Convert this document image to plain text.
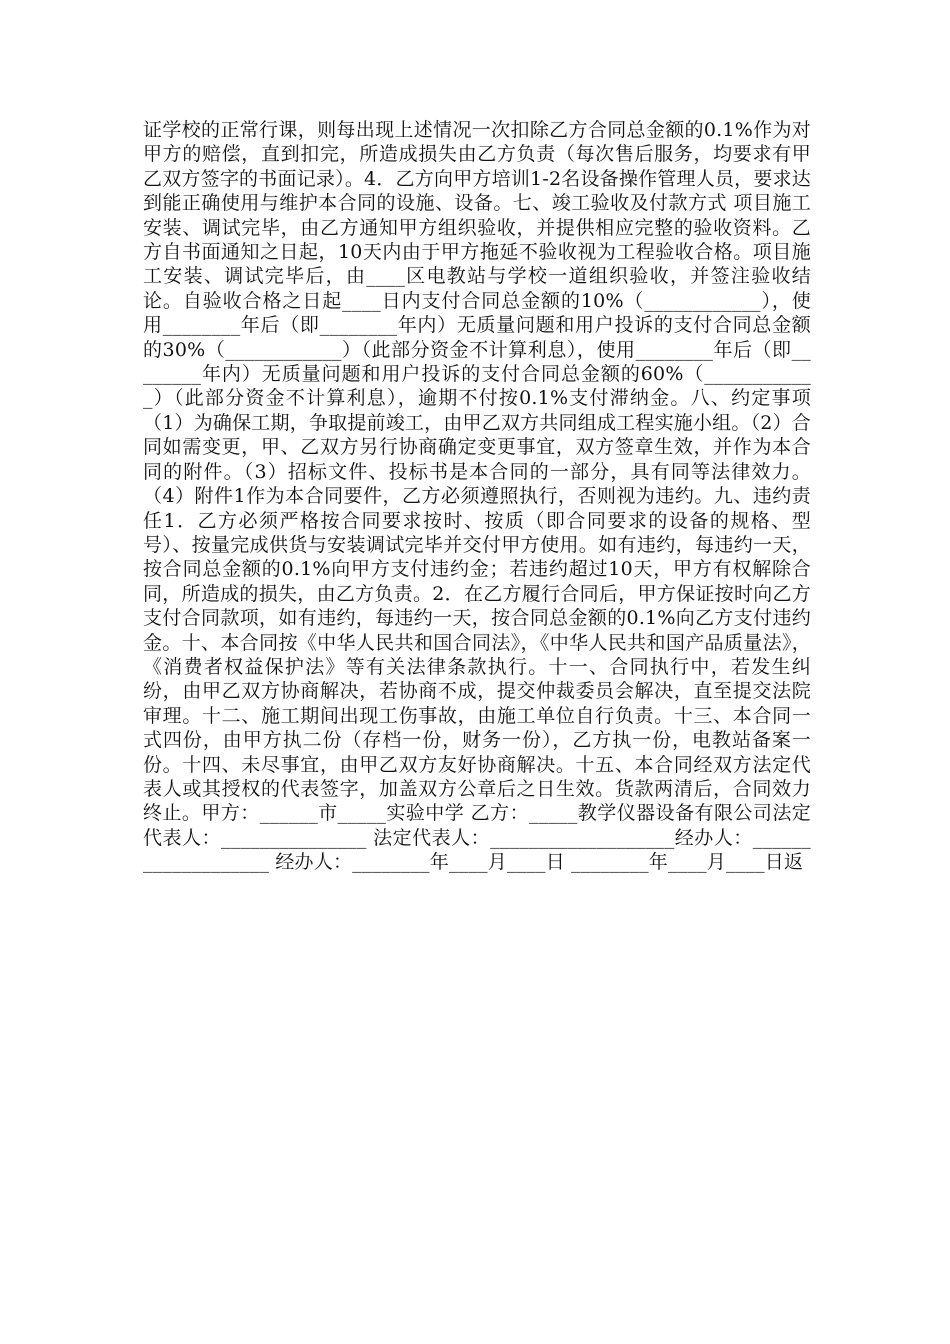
证学校的正常行课，则每出现上述情况一次扣除乙方合同总金额的0.1%作为对甲方的赔偿，直到扣完，所造成损失由乙方负责（每次售后服务，均要求有甲乙双方签字的书面记录）。4．乙方向甲方培训1-2名设备操作管理人员，要求达到能正确使用与维护本合同的设施、设备。七、竣工验收及付款方式 项目施工安装、调试完毕，由乙方通知甲方组织验收，并提供相应完整的验收资料。乙方自书面通知之日起，10天内由于甲方拖延不验收视为工程验收合格。项目施工安装、调试完毕后，由____区电教站与学校一道组织验收，并签注验收结论。自验收合格之日起____日内支付合同总金额的10%（____________），使用________年后（即________年内）无质量问题和用户投诉的支付合同总金额的30%（____________）（此部分资金不计算利息），使用________年后（即________年内）无质量问题和用户投诉的支付合同总金额的60%（____________）（此部分资金不计算利息），逾期不付按0.1%支付滞纳金。八、约定事项（1）为确保工期，争取提前竣工，由甲乙双方共同组成工程实施小组。（2）合同如需变更，甲、乙双方另行协商确定变更事宜，双方签章生效，并作为本合同的附件。（3）招标文件、投标书是本合同的一部分，具有同等法律效力。（4）附件1作为本合同要件，乙方必须遵照执行，否则视为违约。九、违约责任1．乙方必须严格按合同要求按时、按质（即合同要求的设备的规格、型号）、按量完成供货与安装调试完毕并交付甲方使用。如有违约，每违约一天，按合同总金额的0.1%向甲方支付违约金；若违约超过10天，甲方有权解除合同，所造成的损失，由乙方负责。2．在乙方履行合同后，甲方保证按时向乙方支付合同款项，如有违约，每违约一天，按合同总金额的0.1%向乙方支付违约金。十、本合同按《中华人民共和国合同法》，《中华人民共和国产品质量法》，《消费者权益保护法》等有关法律条款执行。十一、合同执行中，若发生纠纷，由甲乙双方协商解决，若协商不成，提交仲裁委员会解决，直至提交法院审理。十二、施工期间出现工伤事故，由施工单位自行负责。十三、本合同一式四份，由甲方执二份（存档一份，财务一份），乙方执一份，电教站备案一份。十四、未尽事宜，由甲乙双方友好协商解决。十五、本合同经双方法定代表人或其授权的代表签字，加盖双方公章后之日生效。货款两清后，合同效力终止。甲方：______市_____实验中学 乙方：_____教学仪器设备有限公司法定代表人：_______________ 法定代表人：___________________经办人：___________________ 经办人：________年____月____日 ________年____月____日返
